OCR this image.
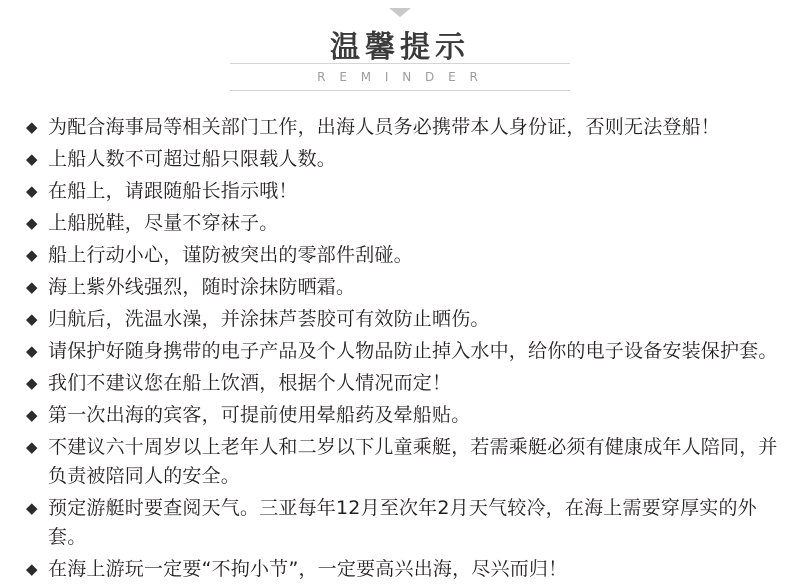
温馨提示
R E M I N D E R
◆ 为配合海事局等相关部门工作，出海人员务必携带本人身份证，否则无法登船！
◆ 上船人数不可超过船只限载人数。
◆ 在船上，请跟随船长指示哦！
◆ 上船脱鞋，尽量不穿袜子。
◆ 船上行动小心，谨防被突出的零部件刮碰。
◆ 海上紫外线强烈，随时涂抹防晒霜。
◆ 归航后，洗温水澡，并涂抹芦荟胶可有效防止晒伤。
◆ 请保护好随身携带的电子产品及个人物品防止掉入水中，给你的电子设备安装保护套。
◆ 我们不建议您在船上饮酒，根据个人情况而定！
◆ 第一次出海的宾客，可提前使用晕船药及晕船贴。
◆ 不建议六十周岁以上老年人和二岁以下儿童乘艇，若需乘艇必须有健康成年人陪同，并负责被陪同人的安全。
◆ 预定游艇时要查阅天气。三亚每年12月至次年2月天气较冷，在海上需要穿厚实的外套。
◆ 在海上游玩一定要“不拘小节”，一定要高兴出海，尽兴而归！
